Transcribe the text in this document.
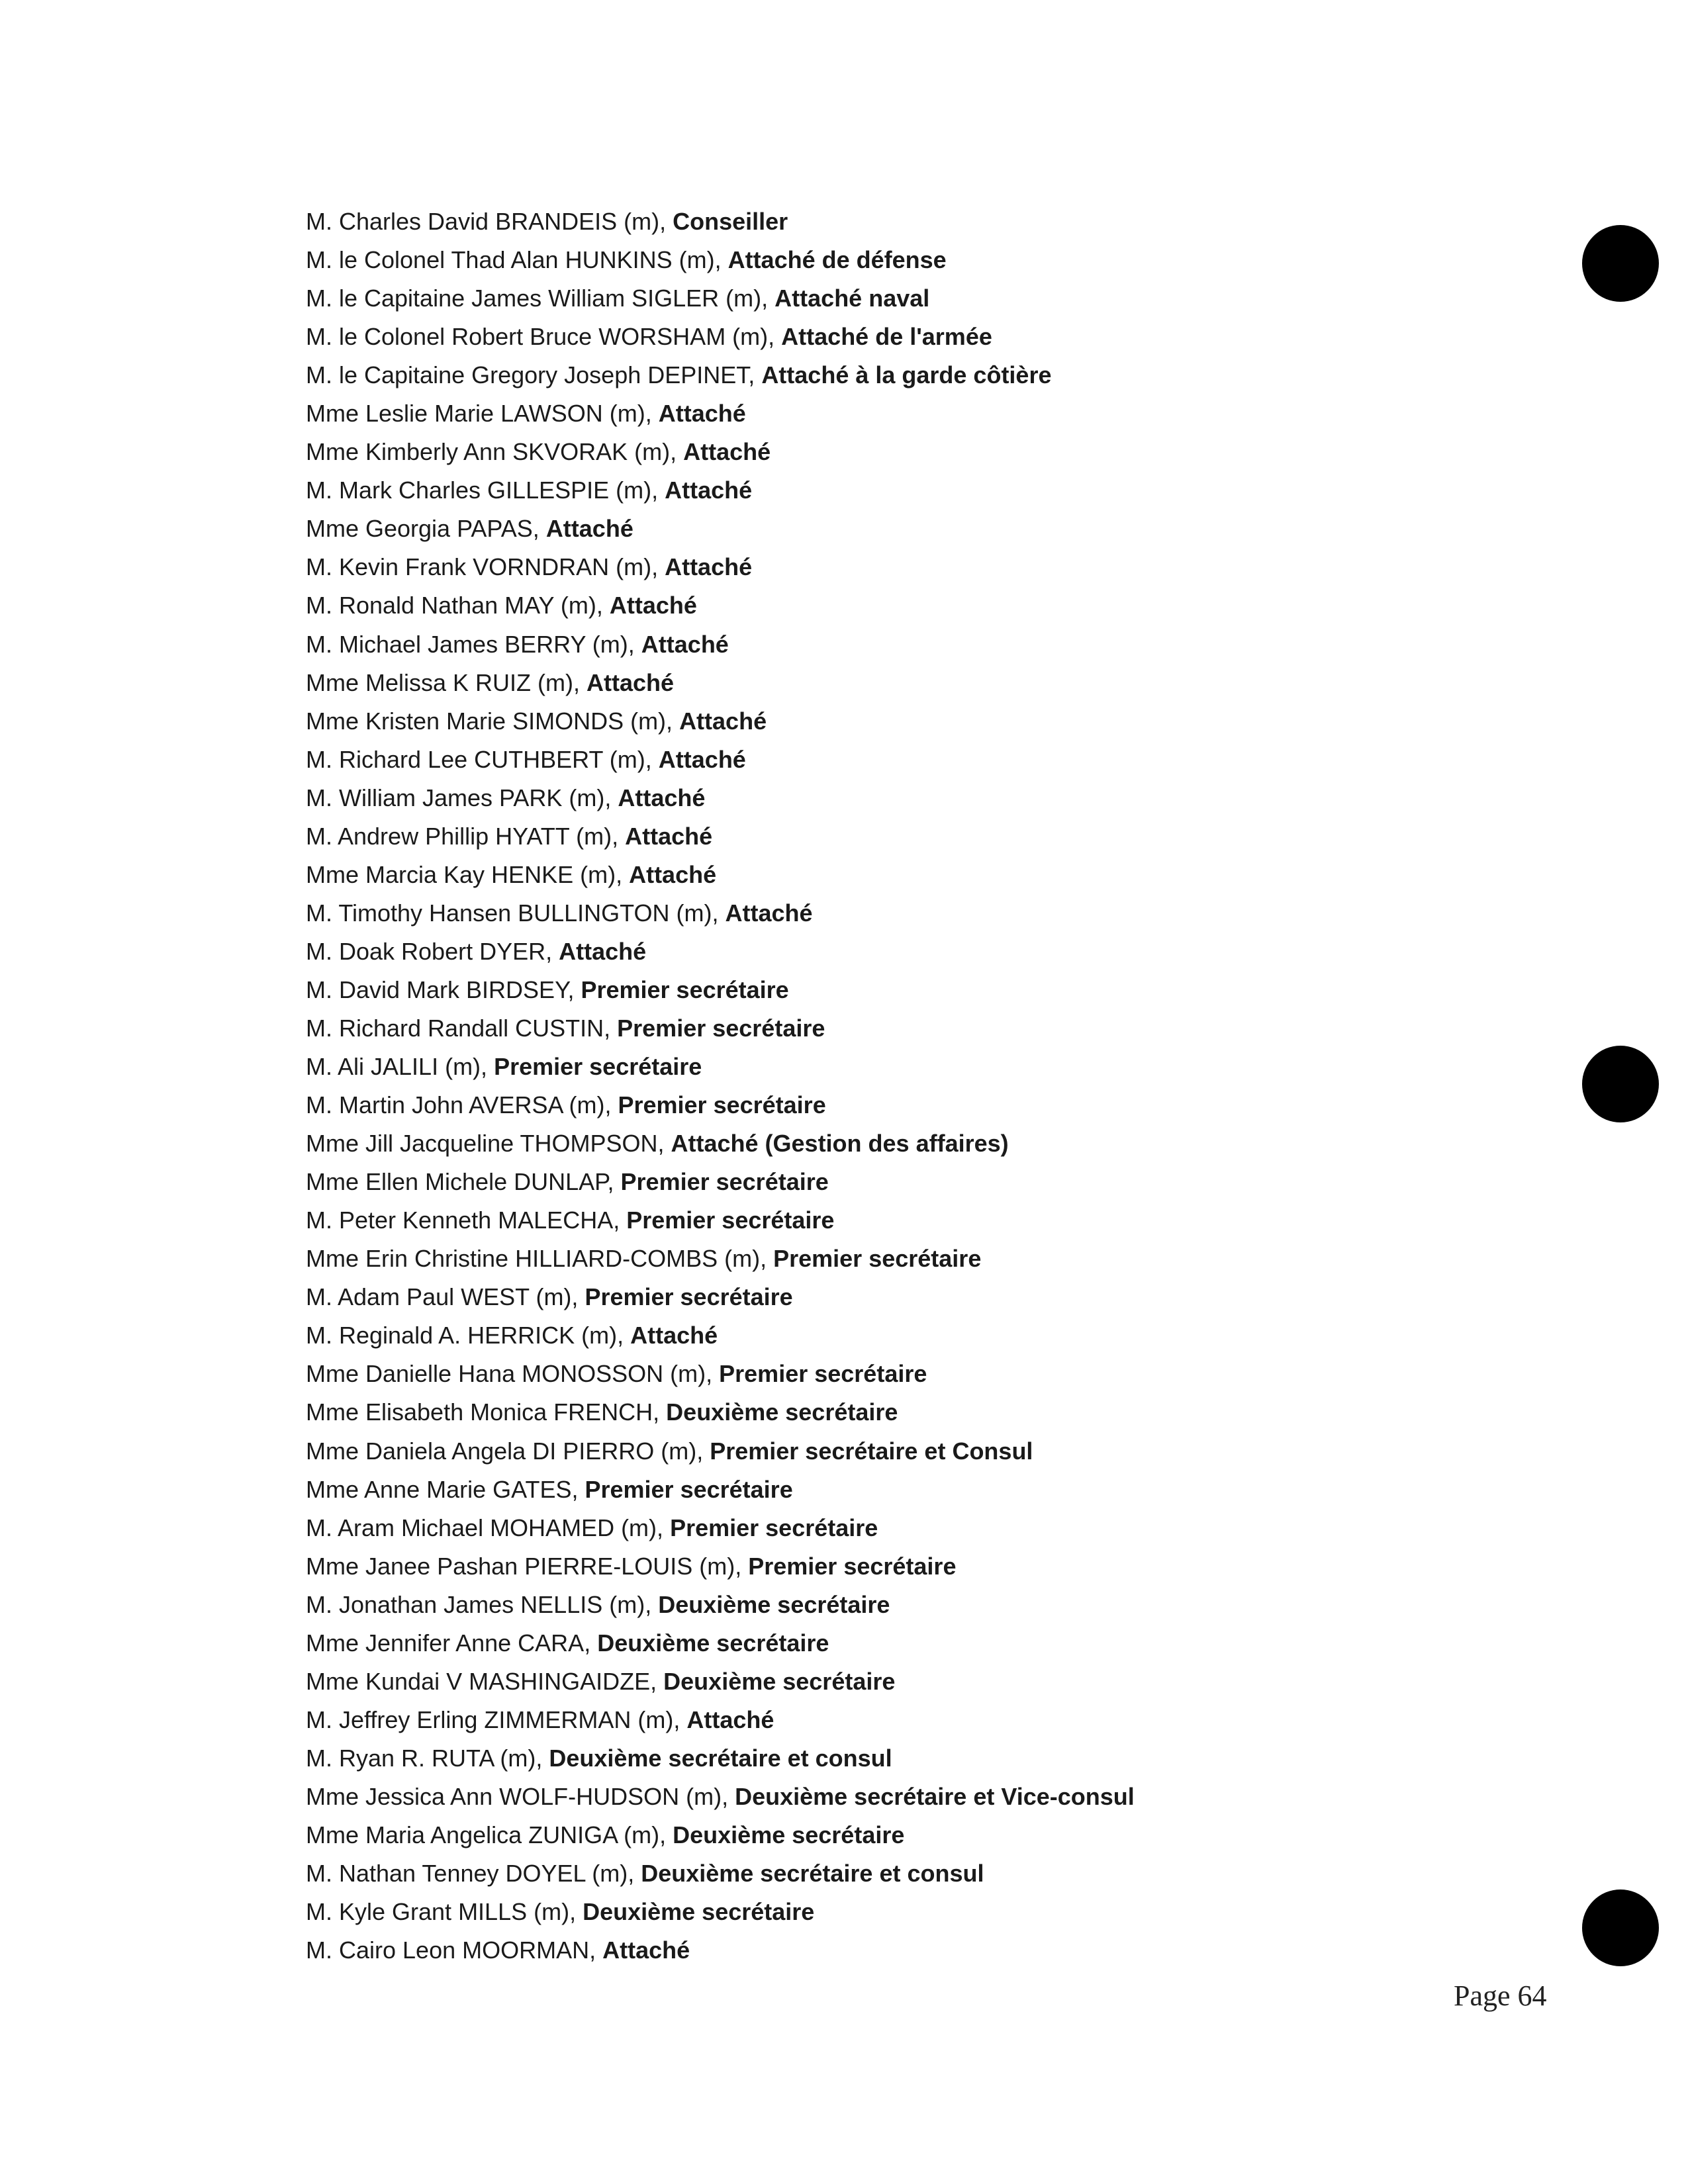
M. Charles David BRANDEIS (m), Conseiller
M. le Colonel Thad Alan HUNKINS (m), Attaché de défense
M. le Capitaine James William SIGLER (m), Attaché naval
M. le Colonel Robert Bruce WORSHAM (m), Attaché de l'armée
M. le Capitaine Gregory Joseph DEPINET, Attaché à la garde côtière
Mme Leslie Marie LAWSON (m), Attaché
Mme Kimberly Ann SKVORAK (m), Attaché
M. Mark Charles GILLESPIE (m), Attaché
Mme Georgia PAPAS, Attaché
M. Kevin Frank VORNDRAN (m), Attaché
M. Ronald Nathan MAY (m), Attaché
M. Michael James BERRY (m), Attaché
Mme Melissa K RUIZ (m), Attaché
Mme Kristen Marie SIMONDS (m), Attaché
M. Richard Lee CUTHBERT (m), Attaché
M. William James PARK (m), Attaché
M. Andrew Phillip HYATT (m), Attaché
Mme Marcia Kay HENKE (m), Attaché
M. Timothy Hansen BULLINGTON (m), Attaché
M. Doak Robert DYER, Attaché
M. David Mark BIRDSEY, Premier secrétaire
M. Richard Randall CUSTIN, Premier secrétaire
M. Ali JALILI (m), Premier secrétaire
M. Martin John AVERSA (m), Premier secrétaire
Mme Jill Jacqueline THOMPSON, Attaché (Gestion des affaires)
Mme Ellen Michele DUNLAP, Premier secrétaire
M. Peter Kenneth MALECHA, Premier secrétaire
Mme Erin Christine HILLIARD-COMBS (m), Premier secrétaire
M. Adam Paul WEST (m), Premier secrétaire
M. Reginald A. HERRICK (m), Attaché
Mme Danielle Hana MONOSSON (m), Premier secrétaire
Mme Elisabeth Monica FRENCH, Deuxième secrétaire
Mme Daniela Angela DI PIERRO (m), Premier secrétaire et Consul
Mme Anne Marie GATES, Premier secrétaire
M. Aram Michael MOHAMED (m), Premier secrétaire
Mme Janee Pashan PIERRE-LOUIS (m), Premier secrétaire
M. Jonathan James NELLIS (m), Deuxième secrétaire
Mme Jennifer Anne CARA, Deuxième secrétaire
Mme Kundai V MASHINGAIDZE, Deuxième secrétaire
M. Jeffrey Erling ZIMMERMAN (m), Attaché
M. Ryan R. RUTA (m), Deuxième secrétaire et consul
Mme Jessica Ann WOLF-HUDSON (m), Deuxième secrétaire et Vice-consul
Mme Maria Angelica ZUNIGA (m), Deuxième secrétaire
M. Nathan Tenney DOYEL (m), Deuxième secrétaire et consul
M. Kyle Grant MILLS (m), Deuxième secrétaire
M. Cairo Leon MOORMAN, Attaché
Page 64
